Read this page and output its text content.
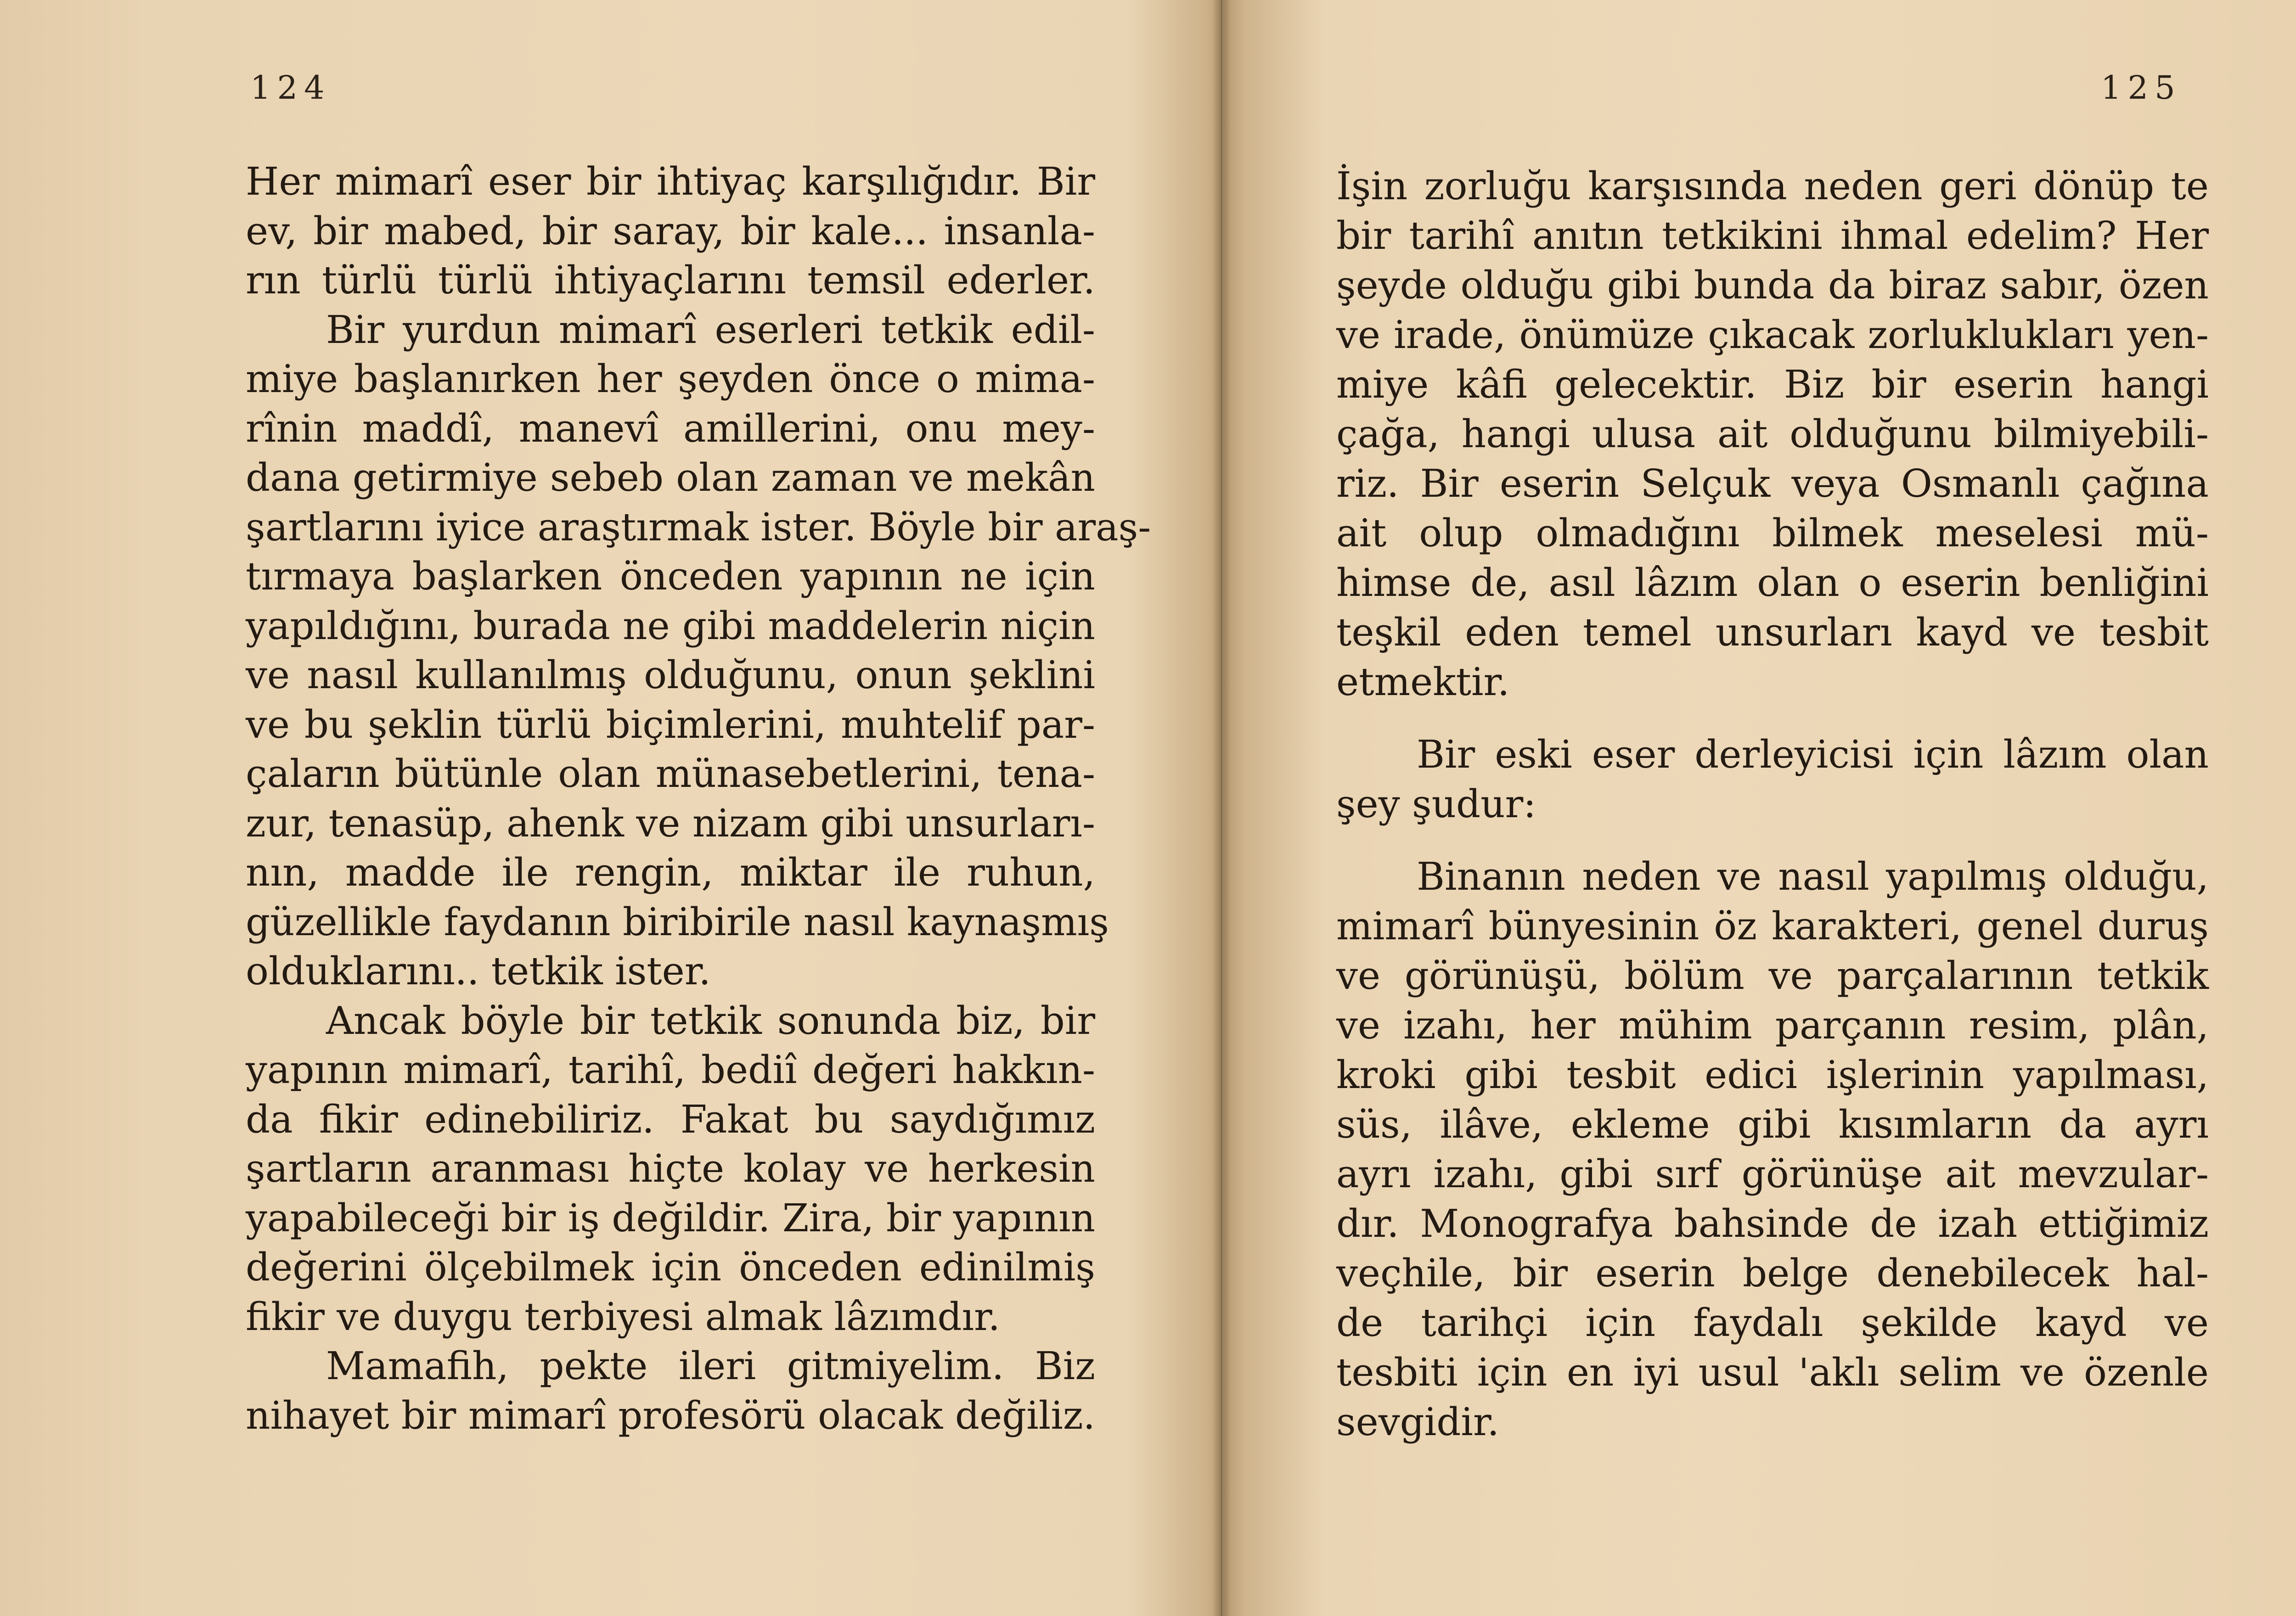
124
Her mimarî eser bir ihtiyaç karşılığıdır. Bir
ev, bir mabed, bir saray, bir kale... insanla-
rın türlü türlü ihtiyaçlarını temsil ederler.
Bir yurdun mimarî eserleri tetkik edil-
miye başlanırken her şeyden önce o mima-
rînin maddî, manevî amillerini, onu mey-
dana getirmiye sebeb olan zaman ve mekân
şartlarını iyice araştırmak ister. Böyle bir araş-
tırmaya başlarken önceden yapının ne için
yapıldığını, burada ne gibi maddelerin niçin
ve nasıl kullanılmış olduğunu, onun şeklini
ve bu şeklin türlü biçimlerini, muhtelif par-
çaların bütünle olan münasebetlerini, tena-
zur, tenasüp, ahenk ve nizam gibi unsurları-
nın, madde ile rengin, miktar ile ruhun,
güzellikle faydanın biribirile nasıl kaynaşmış
olduklarını.. tetkik ister.
Ancak böyle bir tetkik sonunda biz, bir
yapının mimarî, tarihî, bediî değeri hakkın-
da fikir edinebiliriz. Fakat bu saydığımız
şartların aranması hiçte kolay ve herkesin
yapabileceği bir iş değildir. Zira, bir yapının
değerini ölçebilmek için önceden edinilmiş
fikir ve duygu terbiyesi almak lâzımdır.
Mamafih, pekte ileri gitmiyelim. Biz
nihayet bir mimarî profesörü olacak değiliz.
125
İşin zorluğu karşısında neden geri dönüp te
bir tarihî anıtın tetkikini ihmal edelim? Her
şeyde olduğu gibi bunda da biraz sabır, özen
ve irade, önümüze çıkacak zorluklukları yen-
miye kâfi gelecektir. Biz bir eserin hangi
çağa, hangi ulusa ait olduğunu bilmiyebili-
riz. Bir eserin Selçuk veya Osmanlı çağına
ait olup olmadığını bilmek meselesi mü-
himse de, asıl lâzım olan o eserin benliğini
teşkil eden temel unsurları kayd ve tesbit
etmektir.
Bir eski eser derleyicisi için lâzım olan
şey şudur:
Binanın neden ve nasıl yapılmış olduğu,
mimarî bünyesinin öz karakteri, genel duruş
ve görünüşü, bölüm ve parçalarının tetkik
ve izahı, her mühim parçanın resim, plân,
kroki gibi tesbit edici işlerinin yapılması,
süs, ilâve, ekleme gibi kısımların da ayrı
ayrı izahı, gibi sırf görünüşe ait mevzular-
dır. Monografya bahsinde de izah ettiğimiz
veçhile, bir eserin belge denebilecek hal-
de tarihçi için faydalı şekilde kayd ve
tesbiti için en iyi usul 'aklı selim ve özenle
sevgidir.
